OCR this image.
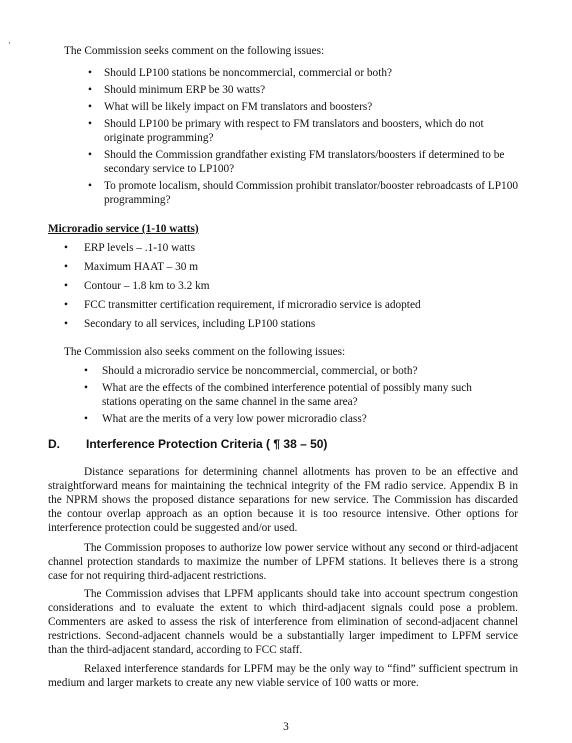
·

The Commission seeks comment on the following issues:

• Should LP100 stations be noncommercial, commercial or both?
• Should minimum ERP be 30 watts?
• What will be likely impact on FM translators and boosters?
• Should LP100 be primary with respect to FM translators and boosters, which do not originate programming?
• Should the Commission grandfather existing FM translators/boosters if determined to be secondary service to LP100?
• To promote localism, should Commission prohibit translator/booster rebroadcasts of LP100 programming?

Microradio service (1-10 watts)

• ERP levels – .1-10 watts
• Maximum HAAT – 30 m
• Contour – 1.8 km to 3.2 km
• FCC transmitter certification requirement, if microradio service is adopted
• Secondary to all services, including LP100 stations

The Commission also seeks comment on the following issues:

• Should a microradio service be noncommercial, commercial, or both?
• What are the effects of the combined interference potential of possibly many such stations operating on the same channel in the same area?
• What are the merits of a very low power microradio class?
D. Interference Protection Criteria ( ¶ 38 – 50)

Distance separations for determining channel allotments has proven to be an effective and straightforward means for maintaining the technical integrity of the FM radio service. Appendix B in the NPRM shows the proposed distance separations for new service. The Commission has discarded the contour overlap approach as an option because it is too resource intensive. Other options for interference protection could be suggested and/or used.

The Commission proposes to authorize low power service without any second or third-adjacent channel protection standards to maximize the number of LPFM stations. It believes there is a strong case for not requiring third-adjacent restrictions.

The Commission advises that LPFM applicants should take into account spectrum congestion considerations and to evaluate the extent to which third-adjacent signals could pose a problem. Commenters are asked to assess the risk of interference from elimination of second-adjacent channel restrictions. Second-adjacent channels would be a substantially larger impediment to LPFM service than the third-adjacent standard, according to FCC staff.

Relaxed interference standards for LPFM may be the only way to “find” sufficient spectrum in medium and larger markets to create any new viable service of 100 watts or more.

3
